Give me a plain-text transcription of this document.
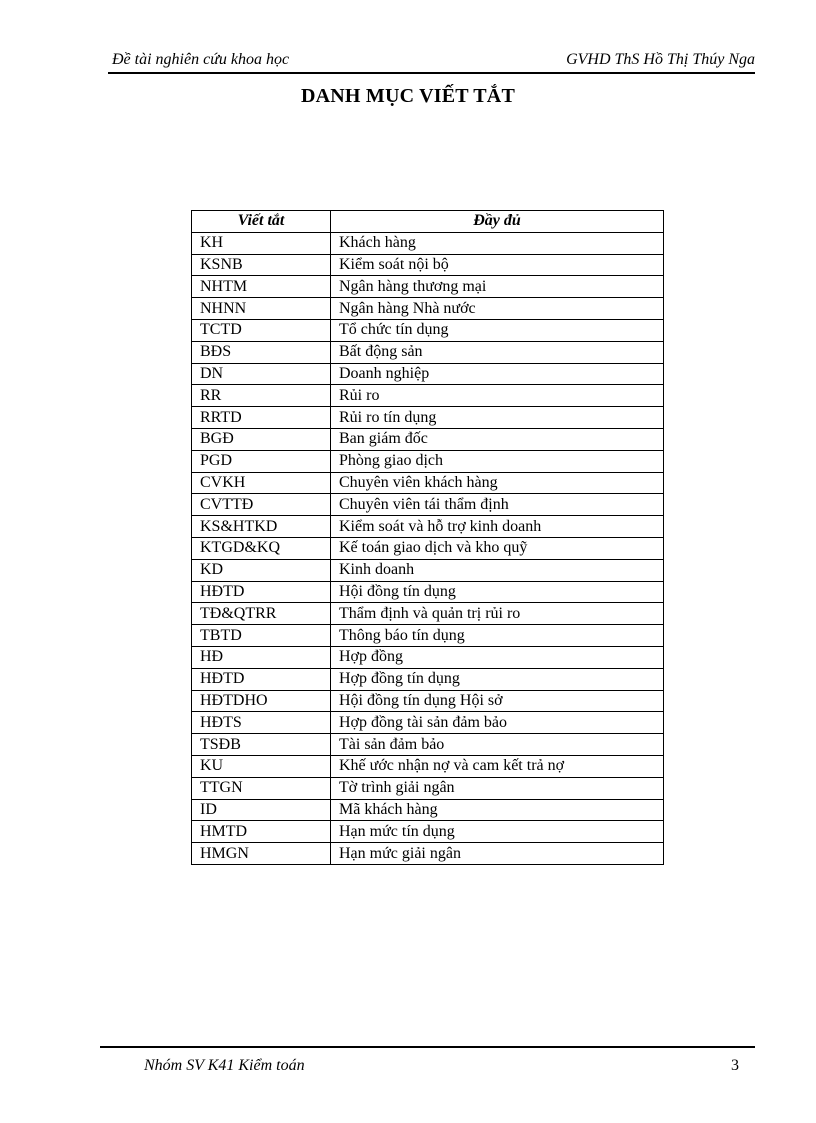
Đề tài nghiên cứu khoa học	GVHD ThS Hồ Thị Thúy Nga
DANH MỤC VIẾT TẮT
Viết tắt	Đầy đủ
KH	Khách hàng
KSNB	Kiểm soát nội bộ
NHTM	Ngân hàng thương mại
NHNN	Ngân hàng Nhà nước
TCTD	Tổ chức tín dụng
BĐS	Bất động sản
DN	Doanh nghiệp
RR	Rủi ro
RRTD	Rủi ro tín dụng
BGĐ	Ban giám đốc
PGD	Phòng giao dịch
CVKH	Chuyên viên khách hàng
CVTTĐ	Chuyên viên tái thẩm định
KS&HTKD	Kiểm soát và hỗ trợ kinh doanh
KTGD&KQ	Kế toán giao dịch và kho quỹ
KD	Kinh doanh
HĐTD	Hội đồng tín dụng
TĐ&QTRR	Thẩm định và quản trị rủi ro
TBTD	Thông báo tín dụng
HĐ	Hợp đồng
HĐTD	Hợp đồng tín dụng
HĐTDHO	Hội đồng tín dụng Hội sở
HĐTS	Hợp đồng tài sản đảm bảo
TSĐB	Tài sản đảm bảo
KU	Khế ước nhận nợ và cam kết trả nợ
TTGN	Tờ trình giải ngân
ID	Mã khách hàng
HMTD	Hạn mức tín dụng
HMGN	Hạn mức giải ngân
Nhóm SV K41 Kiểm toán	3
